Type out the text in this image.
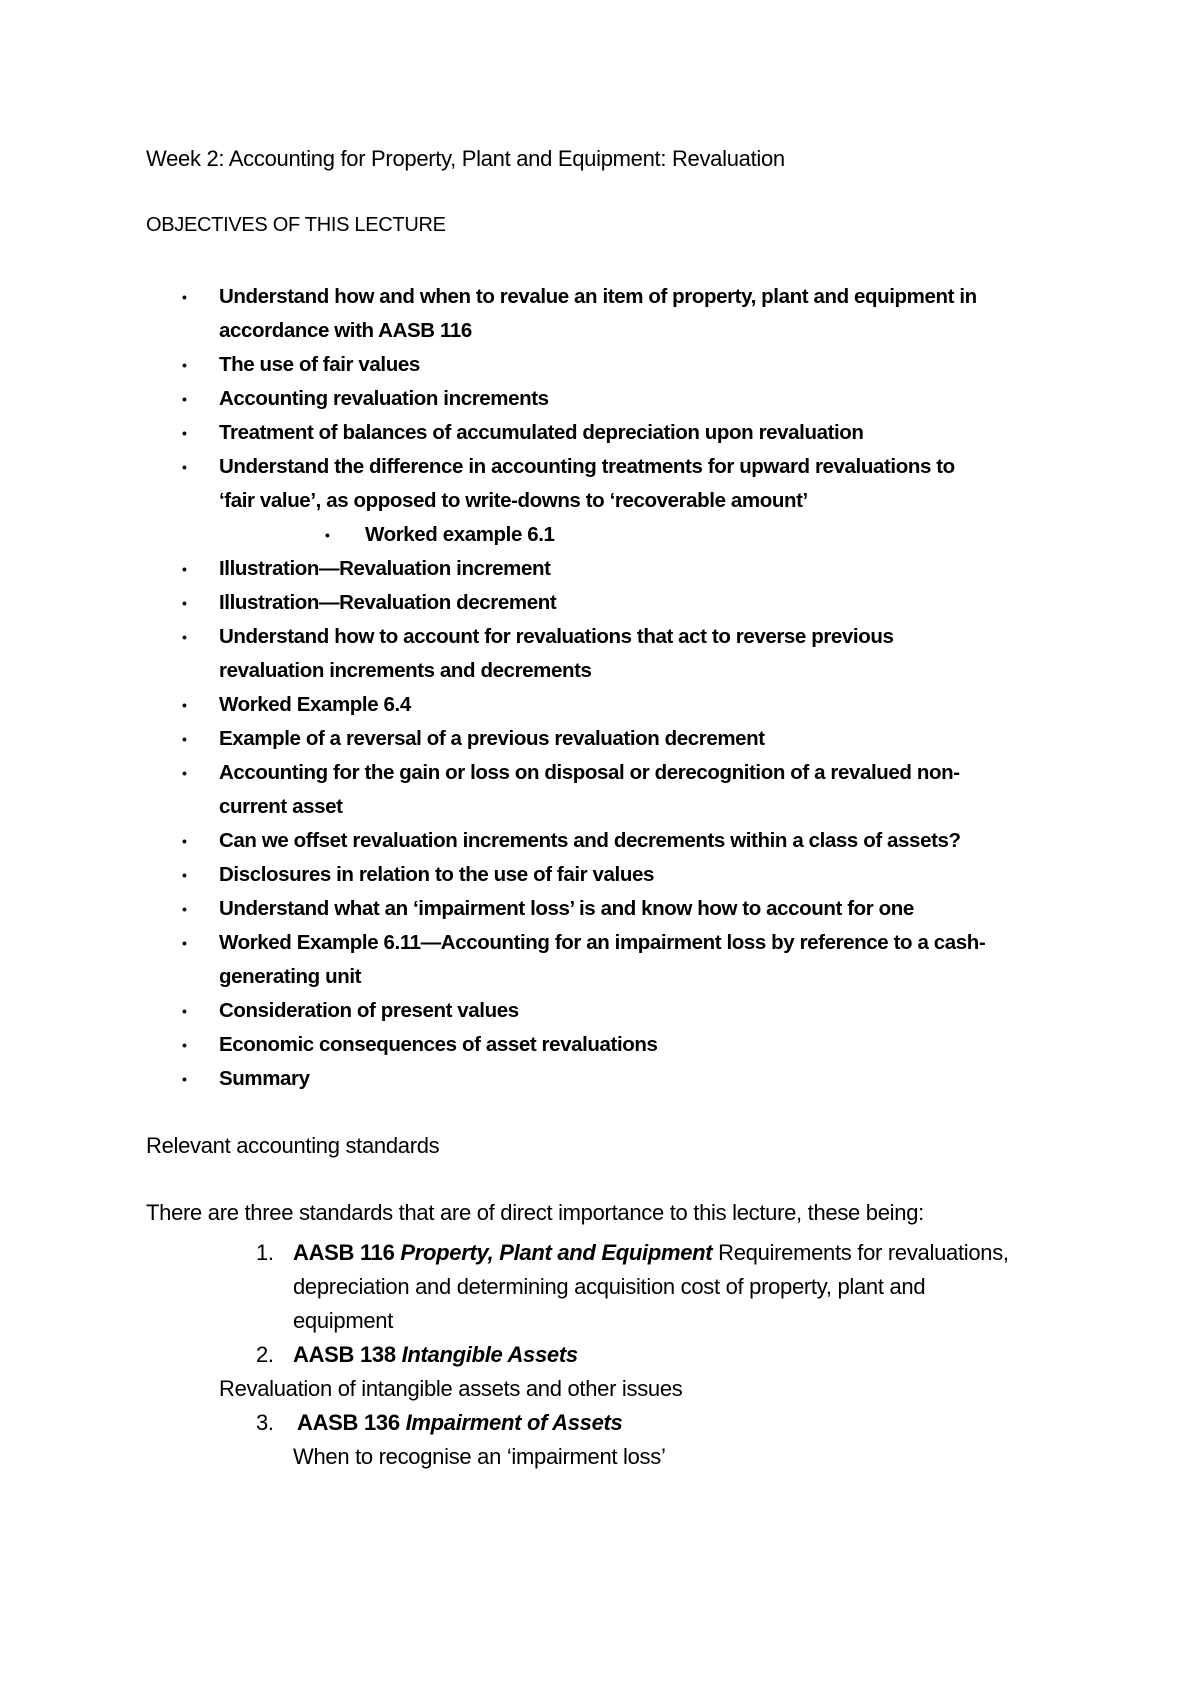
Week 2: Accounting for Property, Plant and Equipment: Revaluation
OBJECTIVES OF THIS LECTURE
• Understand how and when to revalue an item of property, plant and equipment in
accordance with AASB 116
• The use of fair values
• Accounting revaluation increments
• Treatment of balances of accumulated depreciation upon revaluation
• Understand the difference in accounting treatments for upward revaluations to
‘fair value’, as opposed to write-downs to ‘recoverable amount’
• Worked example 6.1
• Illustration—Revaluation increment
• Illustration—Revaluation decrement
• Understand how to account for revaluations that act to reverse previous
revaluation increments and decrements
• Worked Example 6.4
• Example of a reversal of a previous revaluation decrement
• Accounting for the gain or loss on disposal or derecognition of a revalued non-
current asset
• Can we offset revaluation increments and decrements within a class of assets?
• Disclosures in relation to the use of fair values
• Understand what an ‘impairment loss’ is and know how to account for one
• Worked Example 6.11—Accounting for an impairment loss by reference to a cash-
generating unit
• Consideration of present values
• Economic consequences of asset revaluations
• Summary
Relevant accounting standards

There are three standards that are of direct importance to this lecture, these being:

1. AASB 116 Property, Plant and Equipment Requirements for revaluations,
depreciation and determining acquisition cost of property, plant and
equipment
2. AASB 138 Intangible Assets
Revaluation of intangible assets and other issues
3. AASB 136 Impairment of Assets
When to recognise an ‘impairment loss’
